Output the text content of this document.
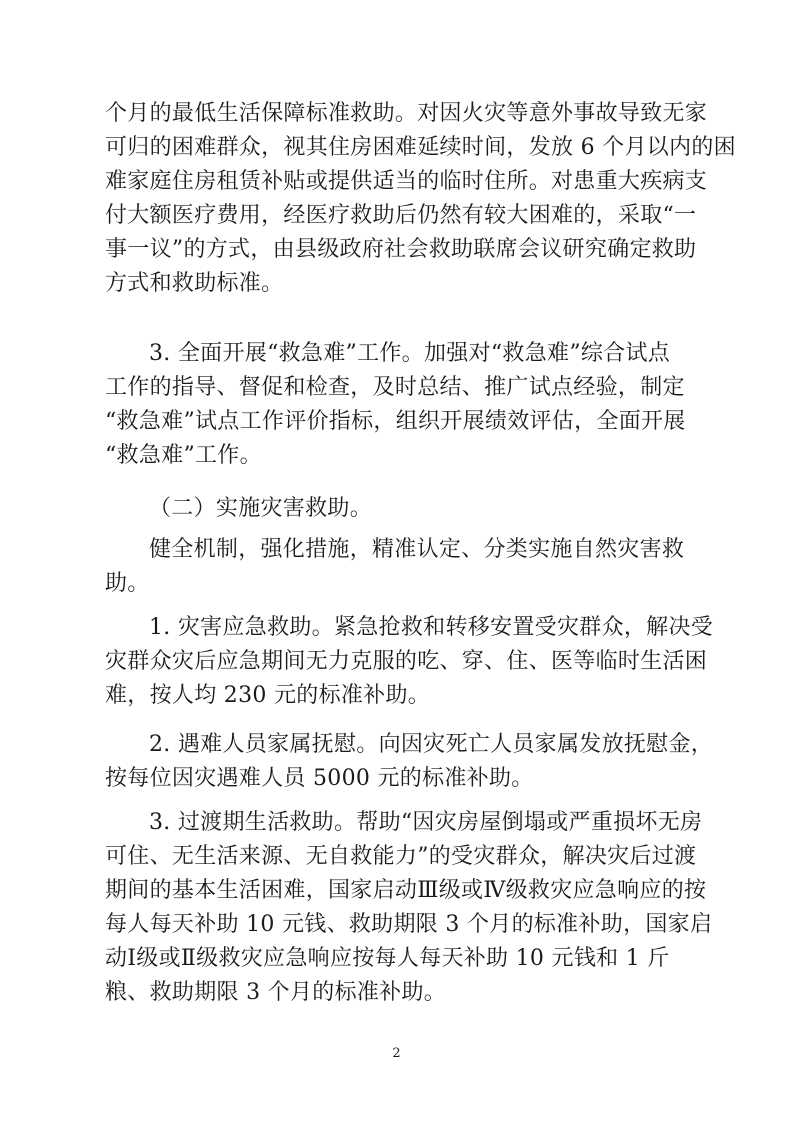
个月的最低生活保障标准救助。对因火灾等意外事故导致无家
可归的困难群众，视其住房困难延续时间，发放 6 个月以内的困
难家庭住房租赁补贴或提供适当的临时住所。对患重大疾病支
付大额医疗费用，经医疗救助后仍然有较大困难的，采取“一
事一议”的方式，由县级政府社会救助联席会议研究确定救助
方式和救助标准。
3. 全面开展“救急难”工作。加强对“救急难”综合试点
工作的指导、督促和检查，及时总结、推广试点经验，制定
“救急难”试点工作评价指标，组织开展绩效评估，全面开展
“救急难”工作。
（二）实施灾害救助。
健全机制，强化措施，精准认定、分类实施自然灾害救
助。
1. 灾害应急救助。紧急抢救和转移安置受灾群众，解决受
灾群众灾后应急期间无力克服的吃、穿、住、医等临时生活困
难，按人均 230 元的标准补助。
2. 遇难人员家属抚慰。向因灾死亡人员家属发放抚慰金，
按每位因灾遇难人员 5000 元的标准补助。
3. 过渡期生活救助。帮助“因灾房屋倒塌或严重损坏无房
可住、无生活来源、无自救能力”的受灾群众，解决灾后过渡
期间的基本生活困难，国家启动Ⅲ级或Ⅳ级救灾应急响应的按
每人每天补助 10 元钱、救助期限 3 个月的标准补助，国家启
动Ⅰ级或Ⅱ级救灾应急响应按每人每天补助 10 元钱和 1 斤
粮、救助期限 3 个月的标准补助。
2
